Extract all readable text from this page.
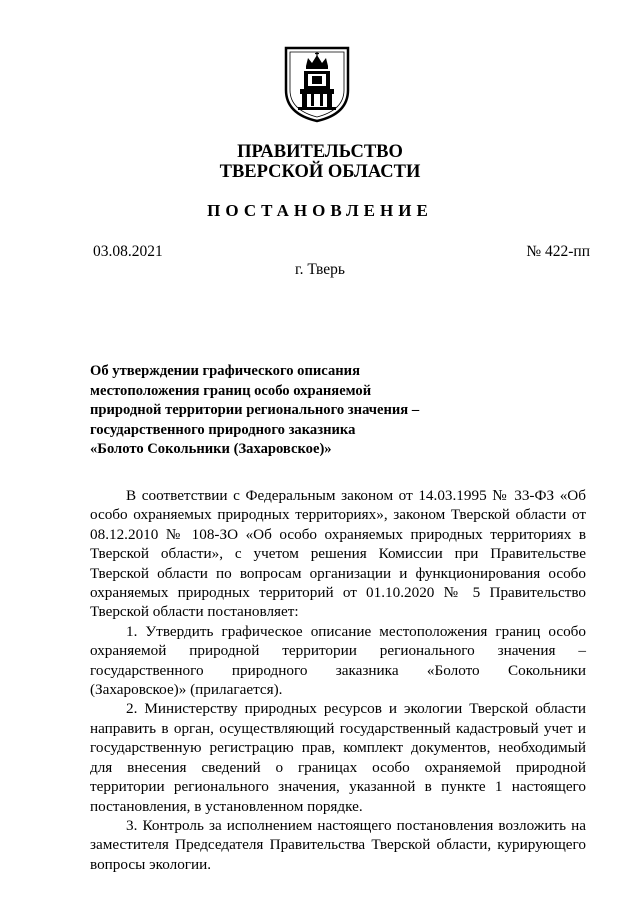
ПРАВИТЕЛЬСТВО
ТВЕРСКОЙ ОБЛАСТИ
ПОСТАНОВЛЕНИЕ
03.08.2021	№ 422-пп
г. Тверь
Об утверждении графического описания
местоположения границ особо охраняемой
природной территории регионального значения –
государственного природного заказника
«Болото Сокольники (Захаровское)»

В соответствии с Федеральным законом от 14.03.1995 № 33-ФЗ «Об особо охраняемых природных территориях», законом Тверской области от 08.12.2010 № 108-ЗО «Об особо охраняемых природных территориях в Тверской области», с учетом решения Комиссии при Правительстве Тверской области по вопросам организации и функционирования особо охраняемых природных территорий от 01.10.2020 № 5 Правительство Тверской области постановляет:

1. Утвердить графическое описание местоположения границ особо охраняемой природной территории регионального значения – государственного природного заказника «Болото Сокольники (Захаровское)» (прилагается).

2. Министерству природных ресурсов и экологии Тверской области направить в орган, осуществляющий государственный кадастровый учет и государственную регистрацию прав, комплект документов, необходимый для внесения сведений о границах особо охраняемой природной территории регионального значения, указанной в пункте 1 настоящего постановления, в установленном порядке.

3. Контроль за исполнением настоящего постановления возложить на заместителя Председателя Правительства Тверской области, курирующего вопросы экологии.
